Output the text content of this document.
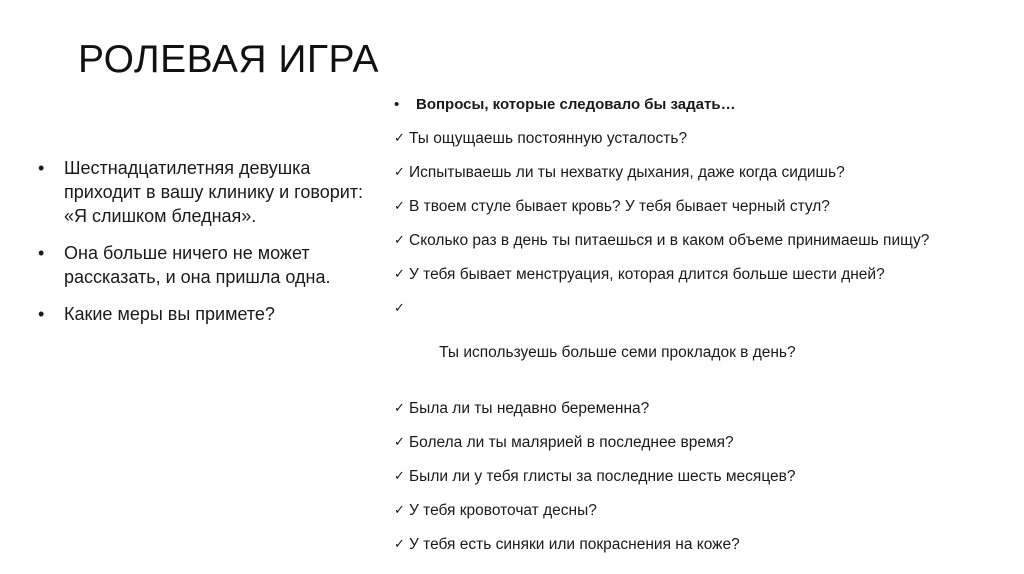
РОЛЕВАЯ ИГРА
• Шестнадцатилетняя девушка приходит в вашу клинику и говорит: «Я слишком бледная».
• Она больше ничего не может рассказать, и она пришла одна.
• Какие меры вы примете?
• Вопросы, которые следовало бы задать…
✓ Ты ощущаешь постоянную усталость?
✓ Испытываешь ли ты нехватку дыхания, даже когда сидишь?
✓ В твоем стуле бывает кровь? У тебя бывает черный стул?
✓ Сколько раз в день ты питаешься и в каком объеме принимаешь пищу?
✓ У тебя бывает менструация, которая длится больше шести дней?

✓

Ты используешь больше семи прокладок в день?

✓ Была ли ты недавно беременна?
✓ Болела ли ты малярией в последнее время?
✓ Были ли у тебя глисты за последние шесть месяцев?
✓ У тебя кровоточат десны?
✓ У тебя есть синяки или покраснения на коже?
